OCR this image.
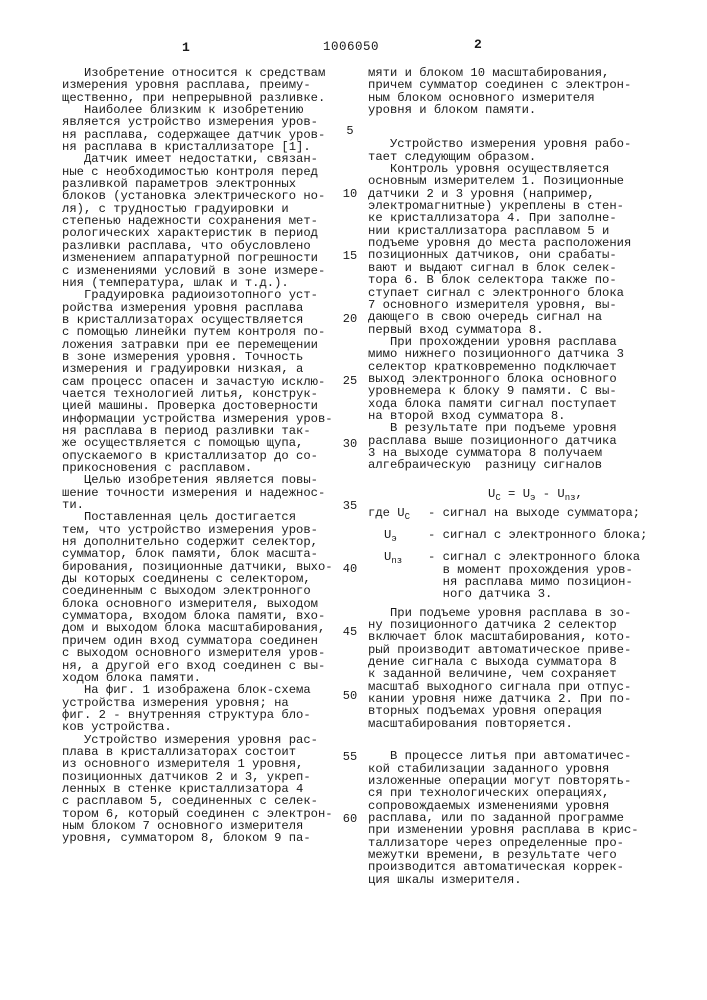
1	1006050	2
Изобретение относится к средствам
измерения уровня расплава, преиму-
щественно, при непрерывной разливке.
Наиболее близким к изобретению
является устройство измерения уров-
ня расплава, содержащее датчик уров-
ня расплава в кристаллизаторе [1].
Датчик имеет недостатки, связан-
ные с необходимостью контроля перед
разливкой параметров электронных
блоков (установка электрического но-
ля), с трудностью градуировки и
степенью надежности сохранения мет-
рологических характеристик в период
разливки расплава, что обусловлено
изменением аппаратурной погрешности
с изменениями условий в зоне измере-
ния (температура, шлак и т.д.).
Градуировка радиоизотопного уст-
ройства измерения уровня расплава
в кристаллизаторах осуществляется
с помощью линейки путем контроля по-
ложения затравки при ее перемещении
в зоне измерения уровня. Точность
измерения и градуировки низкая, а
сам процесс опасен и зачастую исклю-
чается технологией литья, конструк-
цией машины. Проверка достоверности
информации устройства измерения уров-
ня расплава в период разливки так-
же осуществляется с помощью щупа,
опускаемого в кристаллизатор до со-
прикосновения с расплавом.
Целью изобретения является повы-
шение точности измерения и надежнос-
ти.
Поставленная цель достигается
тем, что устройство измерения уров-
ня дополнительно содержит селектор,
сумматор, блок памяти, блок масшта-
бирования, позиционные датчики, выхо-
ды которых соединены с селектором,
соединенным с выходом электронного
блока основного измерителя, выходом
сумматора, входом блока памяти, вхо-
дом и выходом блока масштабирования,
причем один вход сумматора соединен
с выходом основного измерителя уров-
ня, а другой его вход соединен с вы-
ходом блока памяти.
На фиг. 1 изображена блок-схема
устройства измерения уровня; на
фиг. 2 - внутренняя структура бло-
ков устройства.
Устройство измерения уровня рас-
плава в кристаллизаторах состоит
из основного измерителя 1 уровня,
позиционных датчиков 2 и 3, укреп-
ленных в стенке кристаллизатора 4
с расплавом 5, соединенных с селек-
тором 6, который соединен с электрон-
ным блоком 7 основного измерителя
уровня, сумматором 8, блоком 9 па-
мяти и блоком 10 масштабирования,
причем сумматор соединен с электрон-
ным блоком основного измерителя
уровня и блоком памяти.
Устройство измерения уровня рабо-
тает следующим образом.
Контроль уровня осуществляется
основным измерителем 1. Позиционные
датчики 2 и 3 уровня (например,
электромагнитные) укреплены в стен-
ке кристаллизатора 4. При заполне-
нии кристаллизатора расплавом 5 и
подъеме уровня до места расположения
позиционных датчиков, они срабаты-
вают и выдают сигнал в блок селек-
тора 6. В блок селектора также по-
ступает сигнал с электронного блока
7 основного измерителя уровня, вы-
дающего в свою очередь сигнал на
первый вход сумматора 8.
При прохождении уровня расплава
мимо нижнего позиционного датчика 3
селектор кратковременно подключает
выход электронного блока основного
уровнемера к блоку 9 памяти. С вы-
хода блока памяти сигнал поступает
на второй вход сумматора 8.
В результате при подъеме уровня
расплава выше позиционного датчика
3 на выходе сумматора 8 получаем
алгебраическую  разницу сигналов
UC = Uэ - Unз,
где UC	- сигнал на выходе сумматора;
Uэ	- сигнал с электронного блока;
Unз	- сигнал с электронного блока
в момент прохождения уров-
ня расплава мимо позицион-
ного датчика 3.
При подъеме уровня расплава в зо-
ну позиционного датчика 2 селектор
включает блок масштабирования, кото-
рый производит автоматическое приве-
дение сигнала с выхода сумматора 8
к заданной величине, чем сохраняет
масштаб выходного сигнала при отпус-
кании уровня ниже датчика 2. При по-
вторных подъемах уровня операция
масштабирования повторяется.
В процессе литья при автоматичес-
кой стабилизации заданного уровня
изложенные операции могут повторять-
ся при технологических операциях,
сопровождаемых изменениями уровня
расплава, или по заданной программе
при изменении уровня расплава в крис-
таллизаторе через определенные про-
межутки времени, в результате чего
производится автоматическая коррек-
ция шкалы измерителя.
5
10
15
20
25
30
35
40
45
50
55
60
